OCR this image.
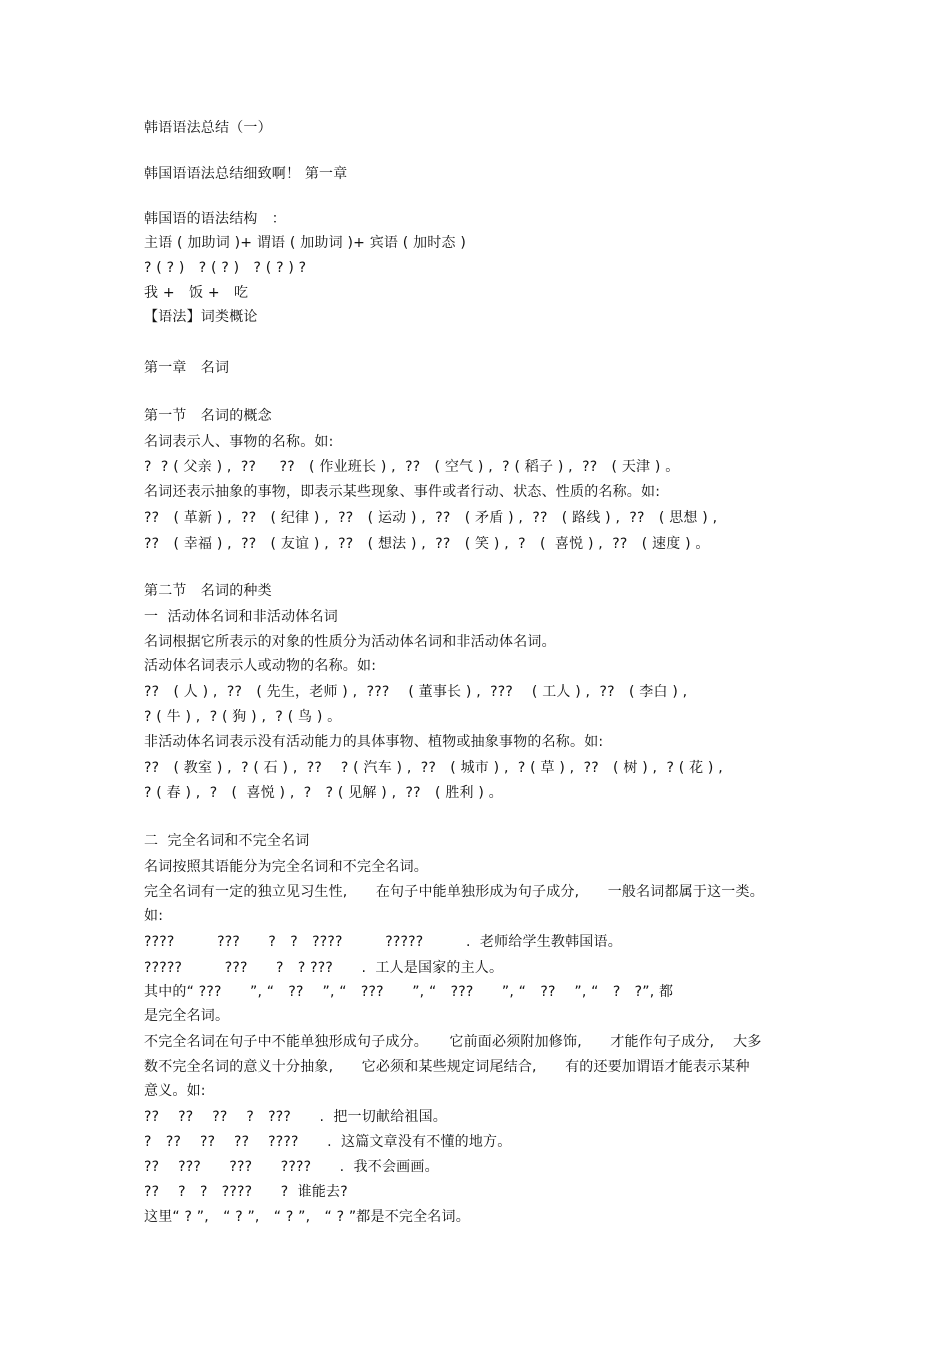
韩语语法总结（一）
韩国语语法总结细致啊！ 第一章
韩国语的语法结构　：
主语 ( 加助词 )+ 谓语 ( 加助词 )+ 宾语 ( 加时态 )
? ( ? )　? ( ? )　? ( ? ) ?
我 +　饭 +　吃
【语法】词类概论
第一章　名词
第一节　名词的概念
名词表示人、事物的名称。如:
?  ? ( 父亲 ) ,  ??　  ??　( 作业班长 ) ,  ??　( 空气 ) ,  ? ( 稻子 ) ,  ??　( 天津 ) 。
名词还表示抽象的事物，即表示某些现象、事件或者行动、状态、性质的名称。如:
??　( 革新 ) ,  ??　( 纪律 ) ,  ??　( 运动 ) ,  ??　( 矛盾 ) ,  ??　( 路线 ) ,  ??　( 思想 ) ,
??　( 幸福 ) ,  ??　( 友谊 ) ,  ??　( 想法 ) ,  ??　( 笑 ) ,  ?　(  喜悦 ) ,  ??　( 速度 ) 。
第二节　名词的种类
一  活动体名词和非活动体名词
名词根据它所表示的对象的性质分为活动体名词和非活动体名词。
活动体名词表示人或动物的名称。如:
??　( 人 ) ,  ??　( 先生，老师 ) ,  ???　 ( 董事长 ) ,  ???　 ( 工人 ) ,  ??　( 李白 ) ,
? ( 牛 ) ,  ? ( 狗 ) ,  ? ( 鸟 ) 。
非活动体名词表示没有活动能力的具体事物、植物或抽象事物的名称。如:
??　( 教室 ) ,  ? ( 石 ) ,  ??　 ? ( 汽车 ) ,  ??　( 城市 ) ,  ? ( 草 ) ,  ??　( 树 ) ,  ? ( 花 ) ,
? ( 春 ) ,  ?　(  喜悦 ) ,  ?　? ( 见解 ) ,  ??　( 胜利 ) 。
二  完全名词和不完全名词
名词按照其语能分为完全名词和不完全名词。
完全名词有一定的独立见习生性,　　在句子中能单独形成为句子成分,　　一般名词都属于这一类。
如:
????　　　???　　?　?　????　　　?????　　　.  老师给学生教韩国语。
?????　　　???　　?　? ???　　.  工人是国家的主人。
其中的“ ???　　”, “　??　 ”, “　???　　”, “　???　　”, “　??　 ”, “　?　?”, 都
是完全名词。
不完全名词在句子中不能单独形成句子成分。　　它前面必须附加修饰,　　才能作句子成分,　 大多
数不完全名词的意义十分抽象,　　它必须和某些规定词尾结合,　　有的还要加谓语才能表示某种
意义。如:
??　 ??　 ??　 ?　???　　.  把一切献给祖国。
?　??　 ??　 ??　 ????　　.  这篇文章没有不懂的地方。
??　 ???　　???　　????　　.  我不会画画。
??　 ?　?　????　　?  谁能去?
这里“ ? ”,　“ ? ”,　“ ? ”,　“ ? ”都是不完全名词。
